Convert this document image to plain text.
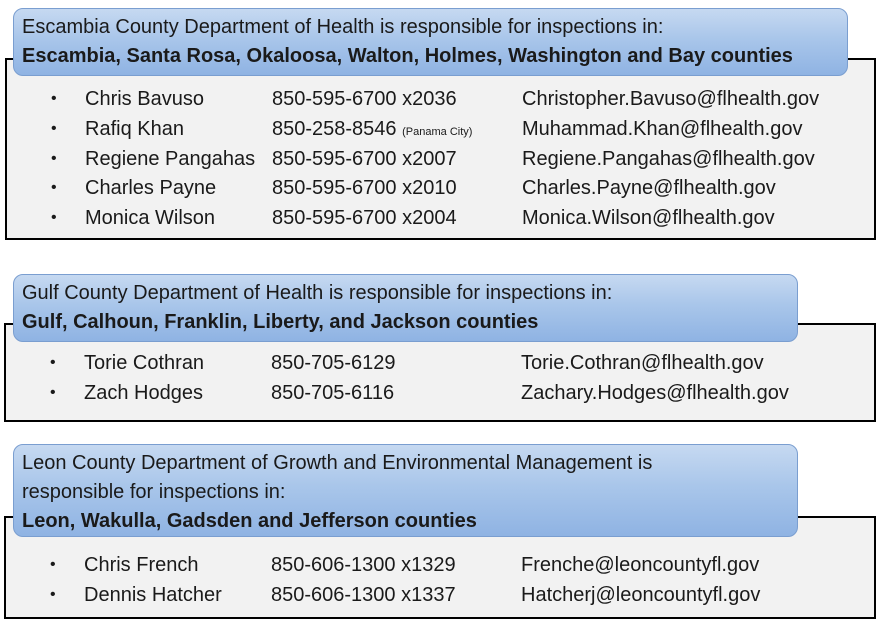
• Chris Bavuso	850-595-6700 x2036	Christopher.Bavuso@flhealth.gov
• Rafiq Khan	850-258-8546 (Panama City) Muhammad.Khan@flhealth.gov
• Regiene Pangahas 850-595-6700 x2007	Regiene.Pangahas@flhealth.gov
• Charles Payne	850-595-6700 x2010	Charles.Payne@flhealth.gov
• Monica Wilson	850-595-6700 x2004	Monica.Wilson@flhealth.gov
Escambia County Department of Health is responsible for inspections in:
Escambia, Santa Rosa, Okaloosa, Walton, Holmes, Washington and Bay counties
• Torie Cothran	850-705-6129	Torie.Cothran@flhealth.gov
• Zach Hodges	850-705-6116	Zachary.Hodges@flhealth.gov
Gulf County Department of Health is responsible for inspections in:
Gulf, Calhoun, Franklin, Liberty, and Jackson counties
• Chris French	850-606-1300 x1329	Frenche@leoncountyfl.gov
• Dennis Hatcher 850-606-1300 x1337	Hatcherj@leoncountyfl.gov
Leon County Department of Growth and Environmental Management is
responsible for inspections in:
Leon, Wakulla, Gadsden and Jefferson counties
